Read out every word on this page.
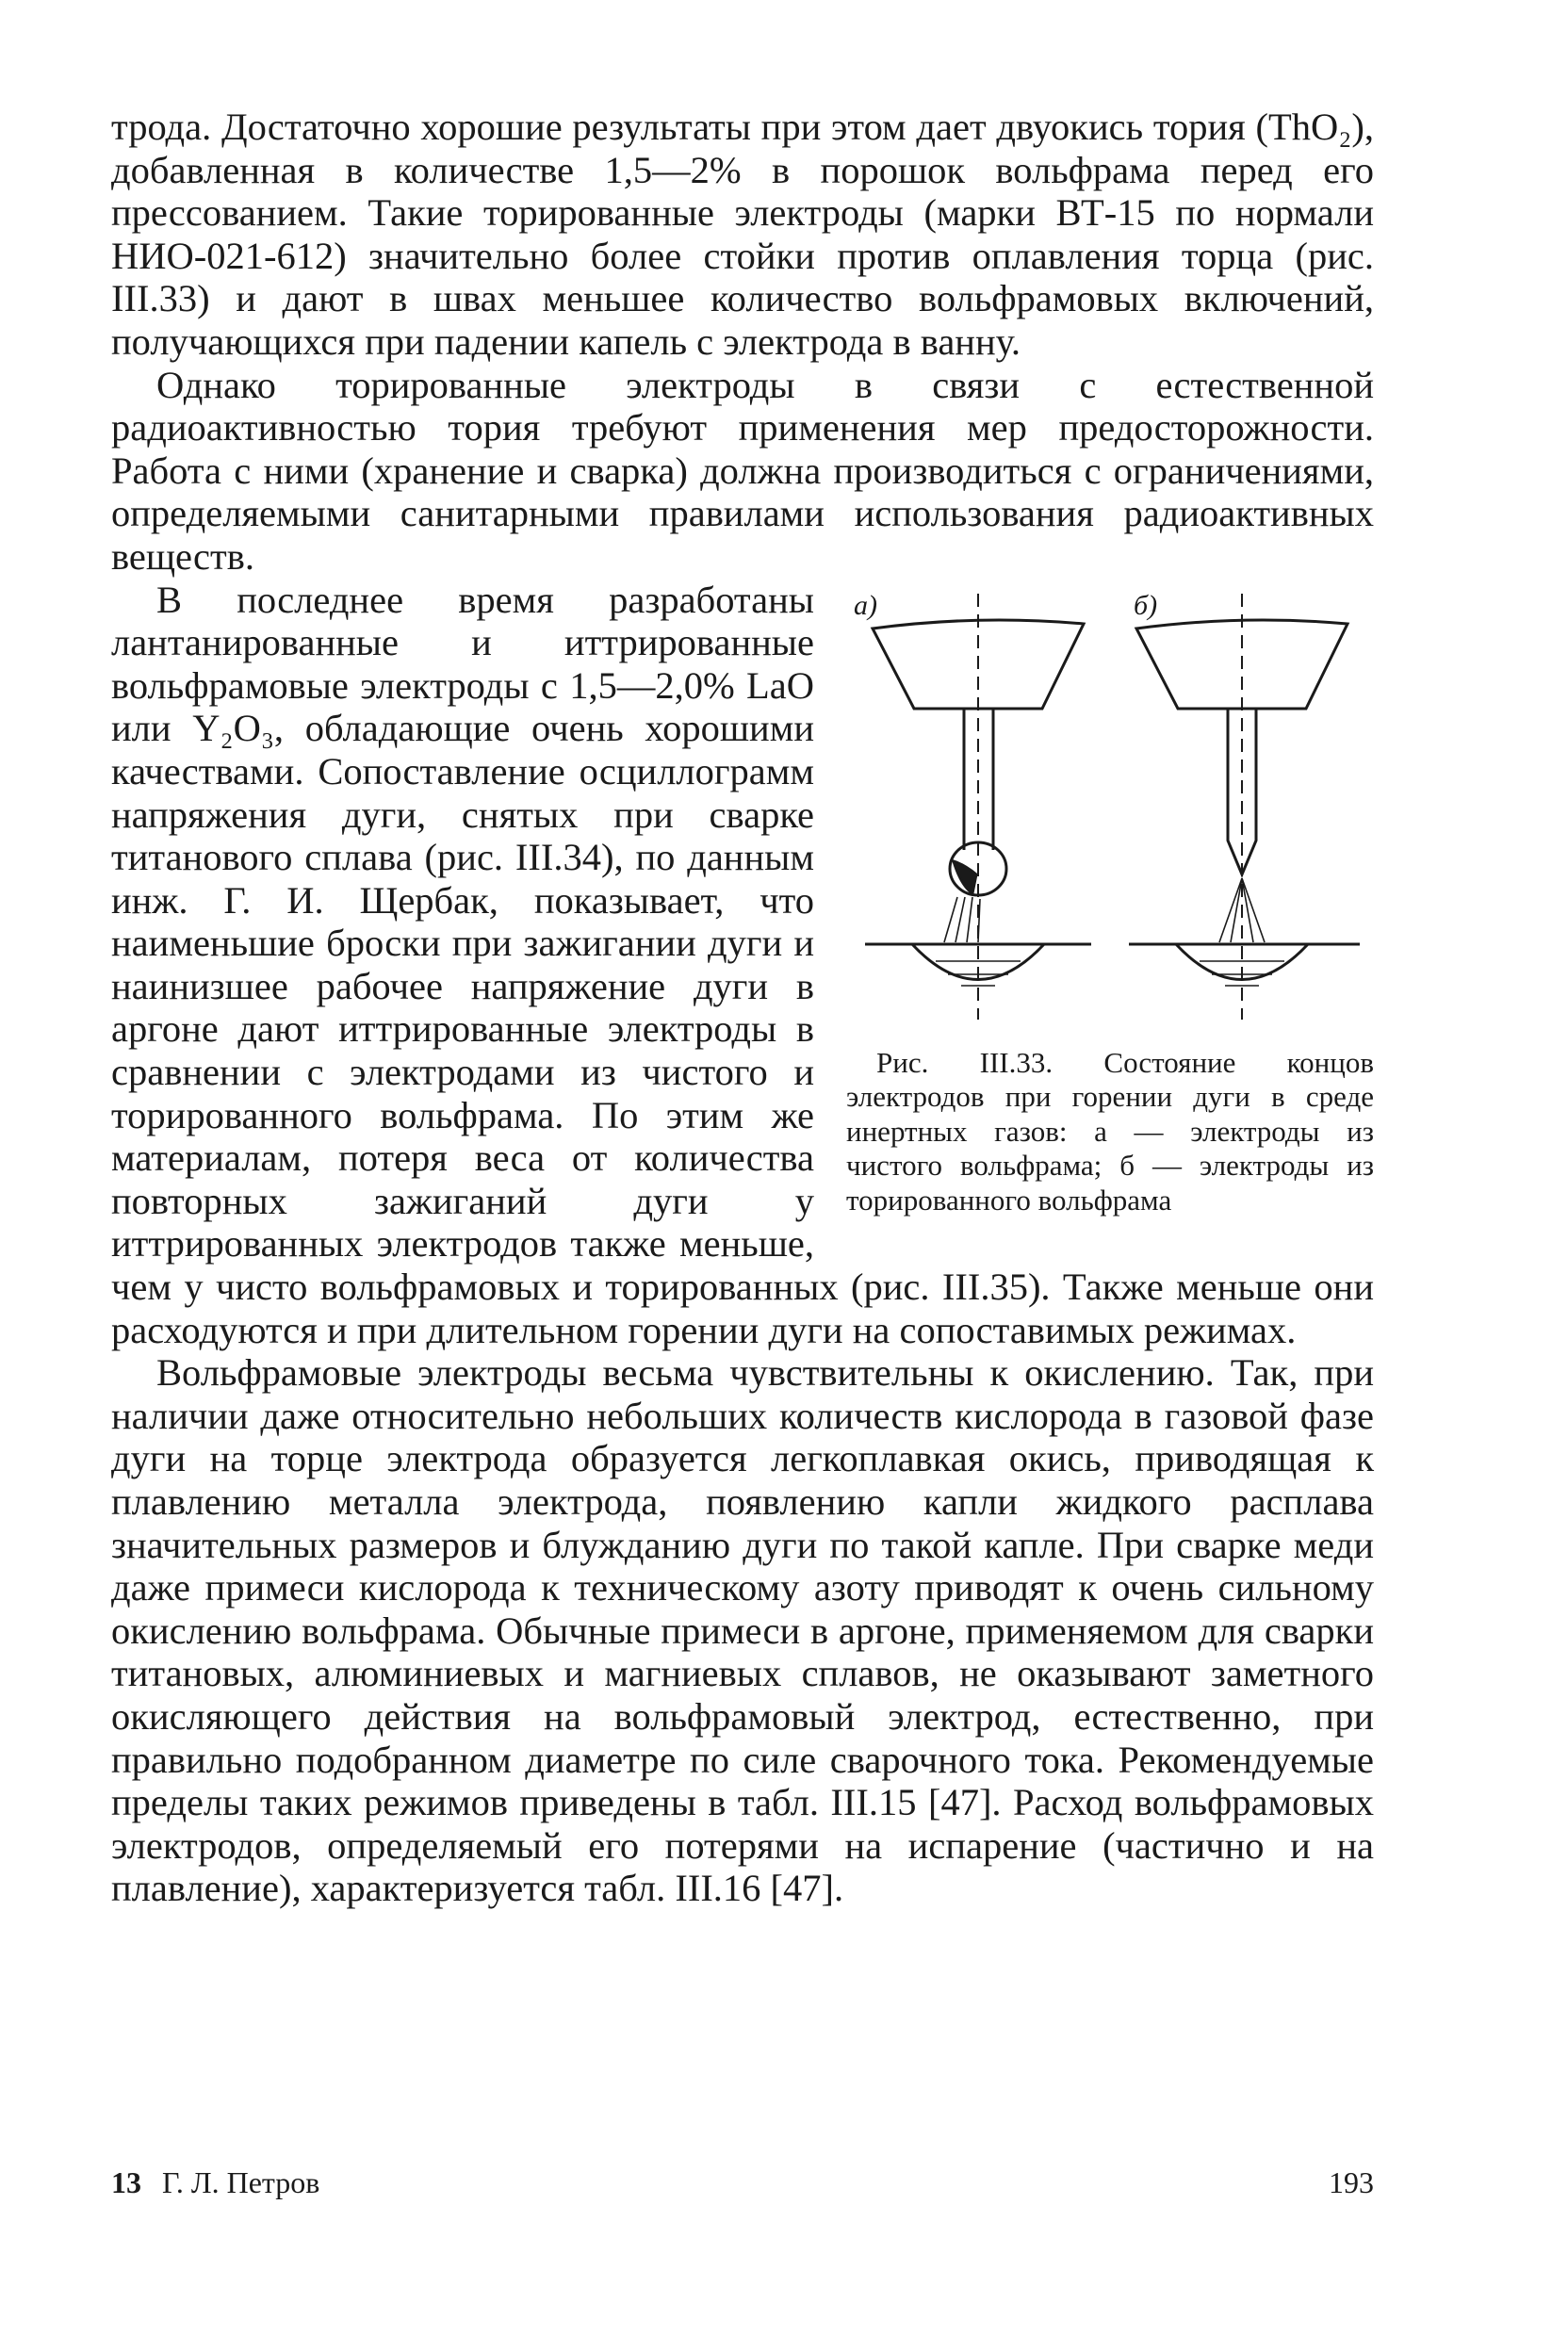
трода. Достаточно хорошие результаты при этом дает двуокись тория (ThO₂), добавленная в количестве 1,5—2% в порошок вольфрама перед его прессованием. Такие торированные электроды (марки ВТ-15 по нормали НИО-021-612) значительно более стойки против оплавления торца (рис. III.33) и дают в швах меньшее количество вольфрамовых включений, получающихся при падении капель с электрода в ванну.

Однако торированные электроды в связи с естественной радиоактивностью тория требуют применения мер предосторожности. Работа с ними (хранение и сварка) должна производиться с ограничениями, определяемыми санитарными правилами использования радиоактивных веществ.

а)	б)
Рис. III.33. Состояние концов электродов при горении дуги в среде инертных газов: а — электроды из чистого вольфрама; б — электроды из торированного вольфрама

В последнее время разработаны лантанированные и иттрированные вольфрамовые электроды с 1,5—2,0% LaO или Y₂O₃, обладающие очень хорошими качествами. Сопоставление осциллограмм напряжения дуги, снятых при сварке титанового сплава (рис. III.34), по данным инж. Г. И. Щербак, показывает, что наименьшие броски при зажигании дуги и наинизшее рабочее напряжение дуги в аргоне дают иттрированные электроды в сравнении с электродами из чистого и торированного вольфрама. По этим же материалам, потеря веса от количества повторных зажиганий дуги у иттрированных электродов также меньше, чем у чисто вольфрамовых и торированных (рис. III.35). Также меньше они расходуются и при длительном горении дуги на сопоставимых режимах.

Вольфрамовые электроды весьма чувствительны к окислению. Так, при наличии даже относительно небольших количеств кислорода в газовой фазе дуги на торце электрода образуется легкоплавкая окись, приводящая к плавлению металла электрода, появлению капли жидкого расплава значительных размеров и блужданию дуги по такой капле. При сварке меди даже примеси кислорода к техническому азоту приводят к очень сильному окислению вольфрама. Обычные примеси в аргоне, применяемом для сварки титановых, алюминиевых и магниевых сплавов, не оказывают заметного окисляющего действия на вольфрамовый электрод, естественно, при правильно подобранном диаметре по силе сварочного тока. Рекомендуемые пределы таких режимов приведены в табл. III.15 [47]. Расход вольфрамовых электродов, определяемый его потерями на испарение (частично и на плавление), характеризуется табл. III.16 [47].

13 Г. Л. Петров	193
